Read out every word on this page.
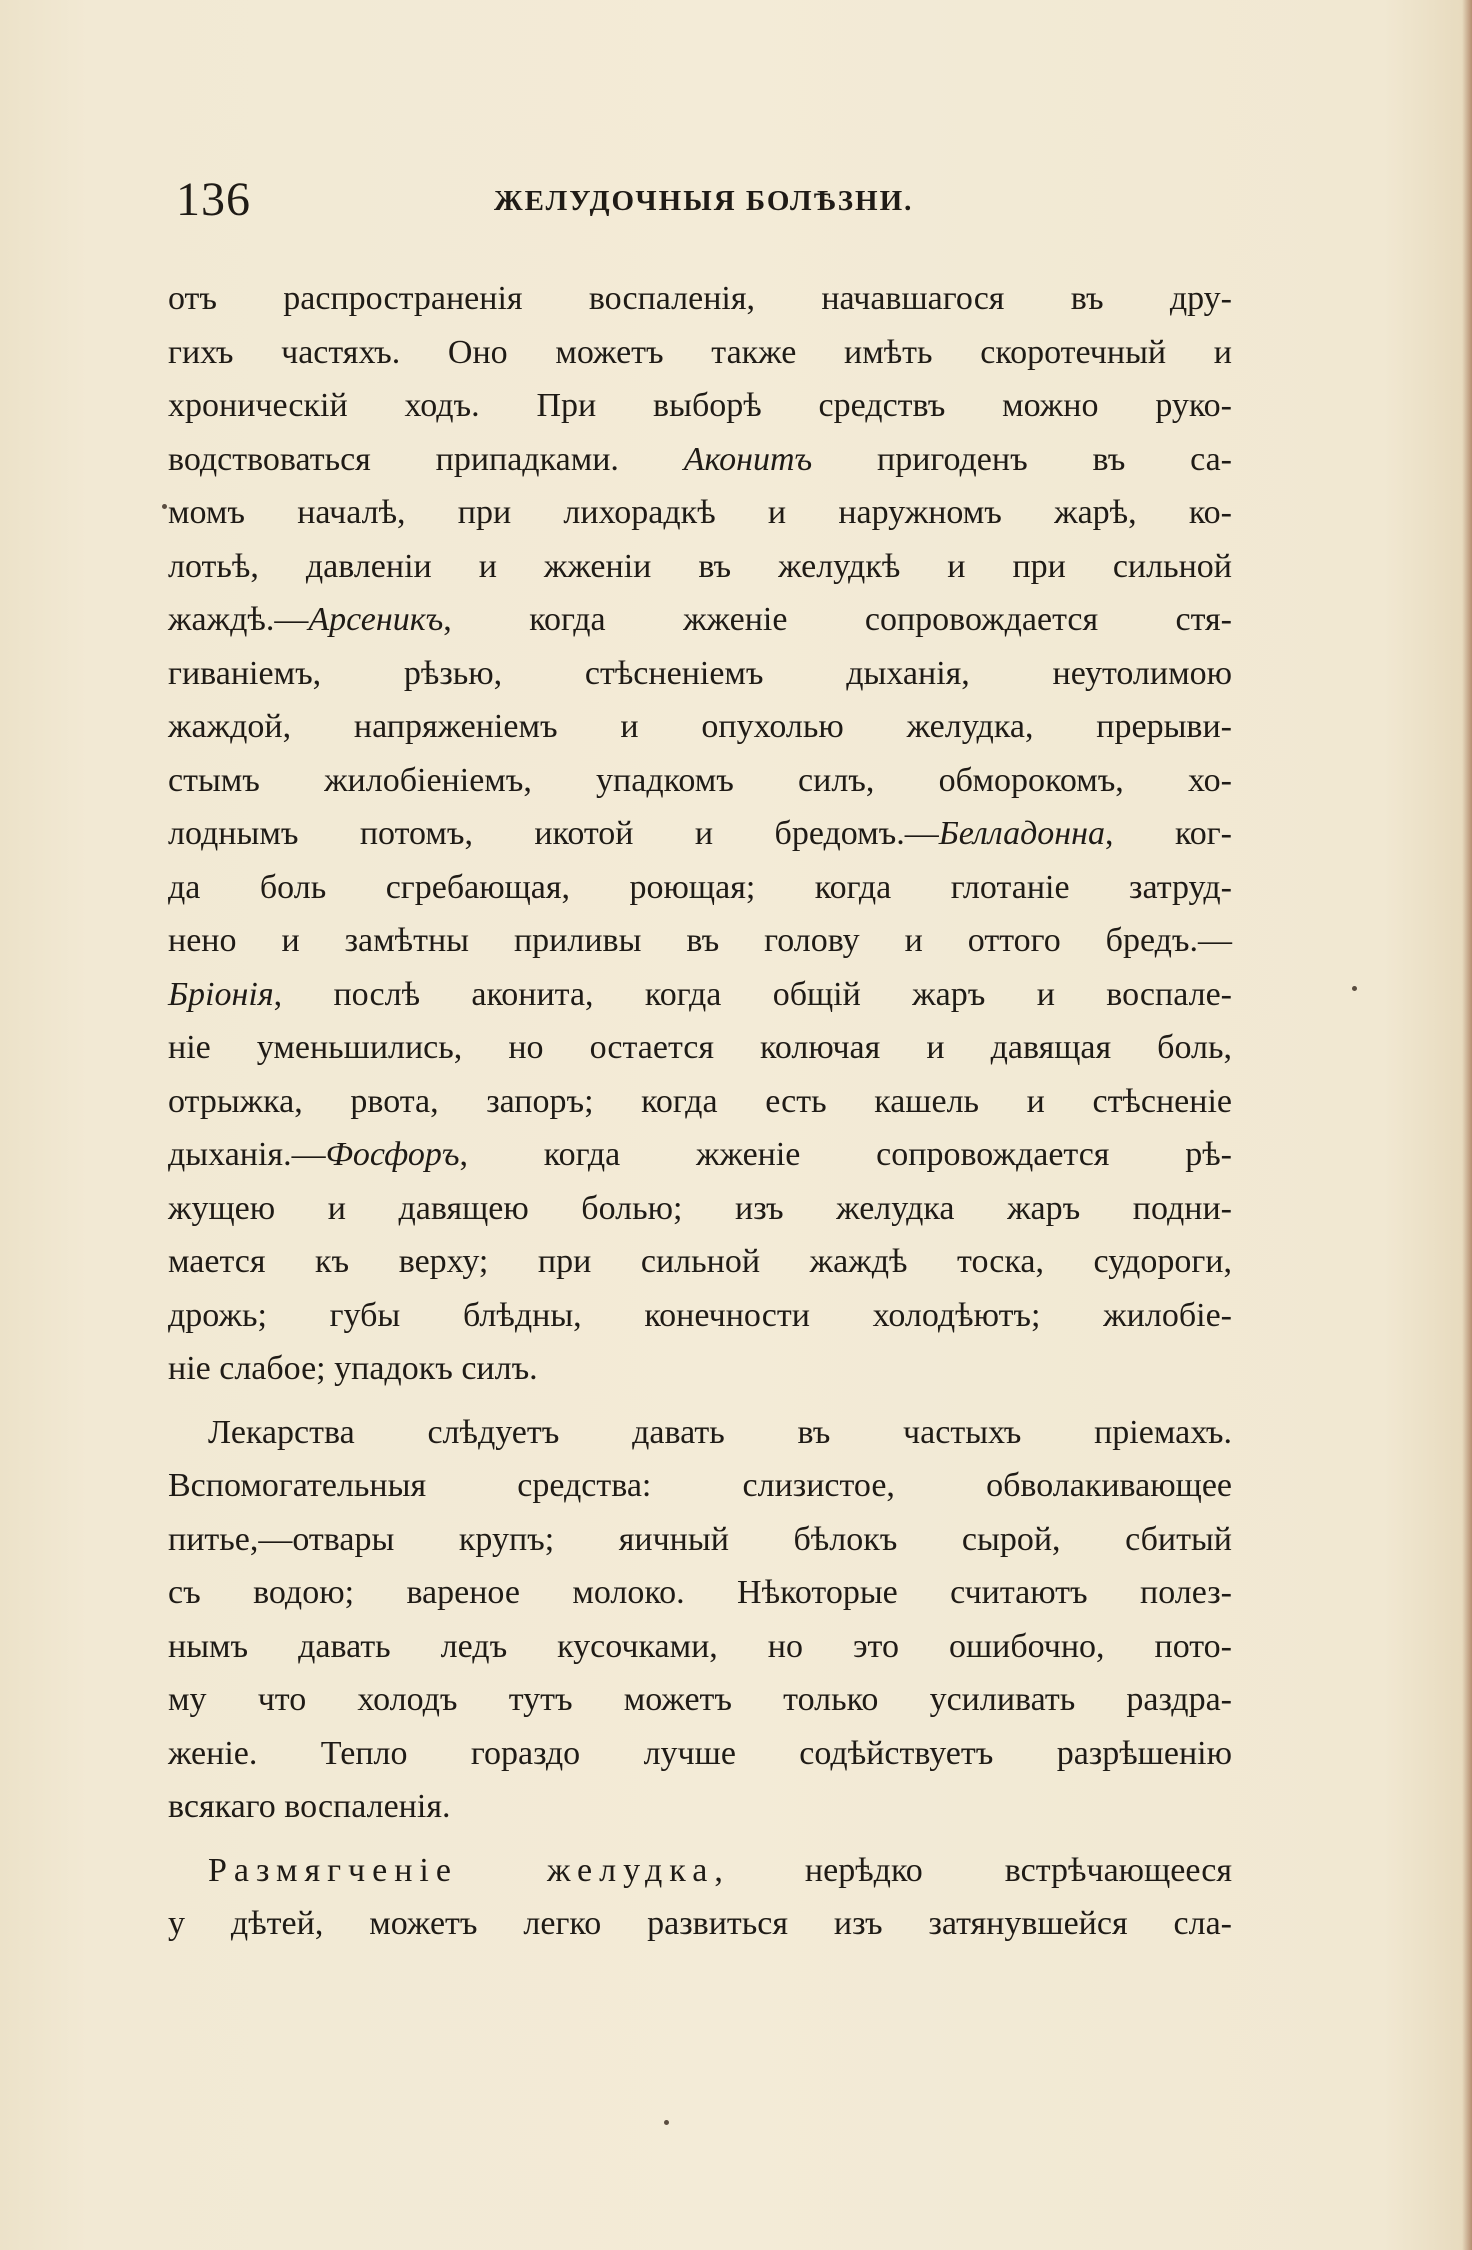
136	ЖЕЛУДОЧНЫЯ БОЛѢЗНИ.
отъ распространенія воспаленія, начавшагося въ дру-
гихъ частяхъ. Оно можетъ также имѣть скоротечный и
хроническій ходъ. При выборѣ средствъ можно руко-
водствоваться припадками. Аконитъ пригоденъ въ са-
момъ началѣ, при лихорадкѣ и наружномъ жарѣ, ко-
лотьѣ, давленіи и жженіи въ желудкѣ и при сильной
жаждѣ.—Арсеникъ, когда жженіе сопровождается стя-
гиваніемъ, рѣзью, стѣсненіемъ дыханія, неутолимою
жаждой, напряженіемъ и опухолью желудка, прерыви-
стымъ жилобіеніемъ, упадкомъ силъ, обморокомъ, хо-
лоднымъ потомъ, икотой и бредомъ.—Белладонна, ког-
да боль сгребающая, роющая; когда глотаніе затруд-
нено и замѣтны приливы въ голову и оттого бредъ.—
Бріонія, послѣ аконита, когда общій жаръ и воспале-
ніе уменьшились, но остается колючая и давящая боль,
отрыжка, рвота, запоръ; когда есть кашель и стѣсненіе
дыханія.—Фосфоръ, когда жженіе сопровождается рѣ-
жущею и давящею болью; изъ желудка жаръ подни-
мается къ верху; при сильной жаждѣ тоска, судороги,
дрожь; губы блѣдны, конечности холодѣютъ; жилобіе-
ніе слабое; упадокъ силъ.
Лекарства слѣдуетъ давать въ частыхъ пріемахъ.
Вспомогательныя средства: слизистое, обволакивающее
питье,—отвары крупъ; яичный бѣлокъ сырой, сбитый
съ водою; вареное молоко. Нѣкоторые считаютъ полез-
нымъ давать ледъ кусочками, но это ошибочно, пото-
му что холодъ тутъ можетъ только усиливать раздра-
женіе. Тепло гораздо лучше содѣйствуетъ разрѣшенію
всякаго воспаленія.
Размягченіе желудка, нерѣдко встрѣчающееся
у дѣтей, можетъ легко развиться изъ затянувшейся сла-
